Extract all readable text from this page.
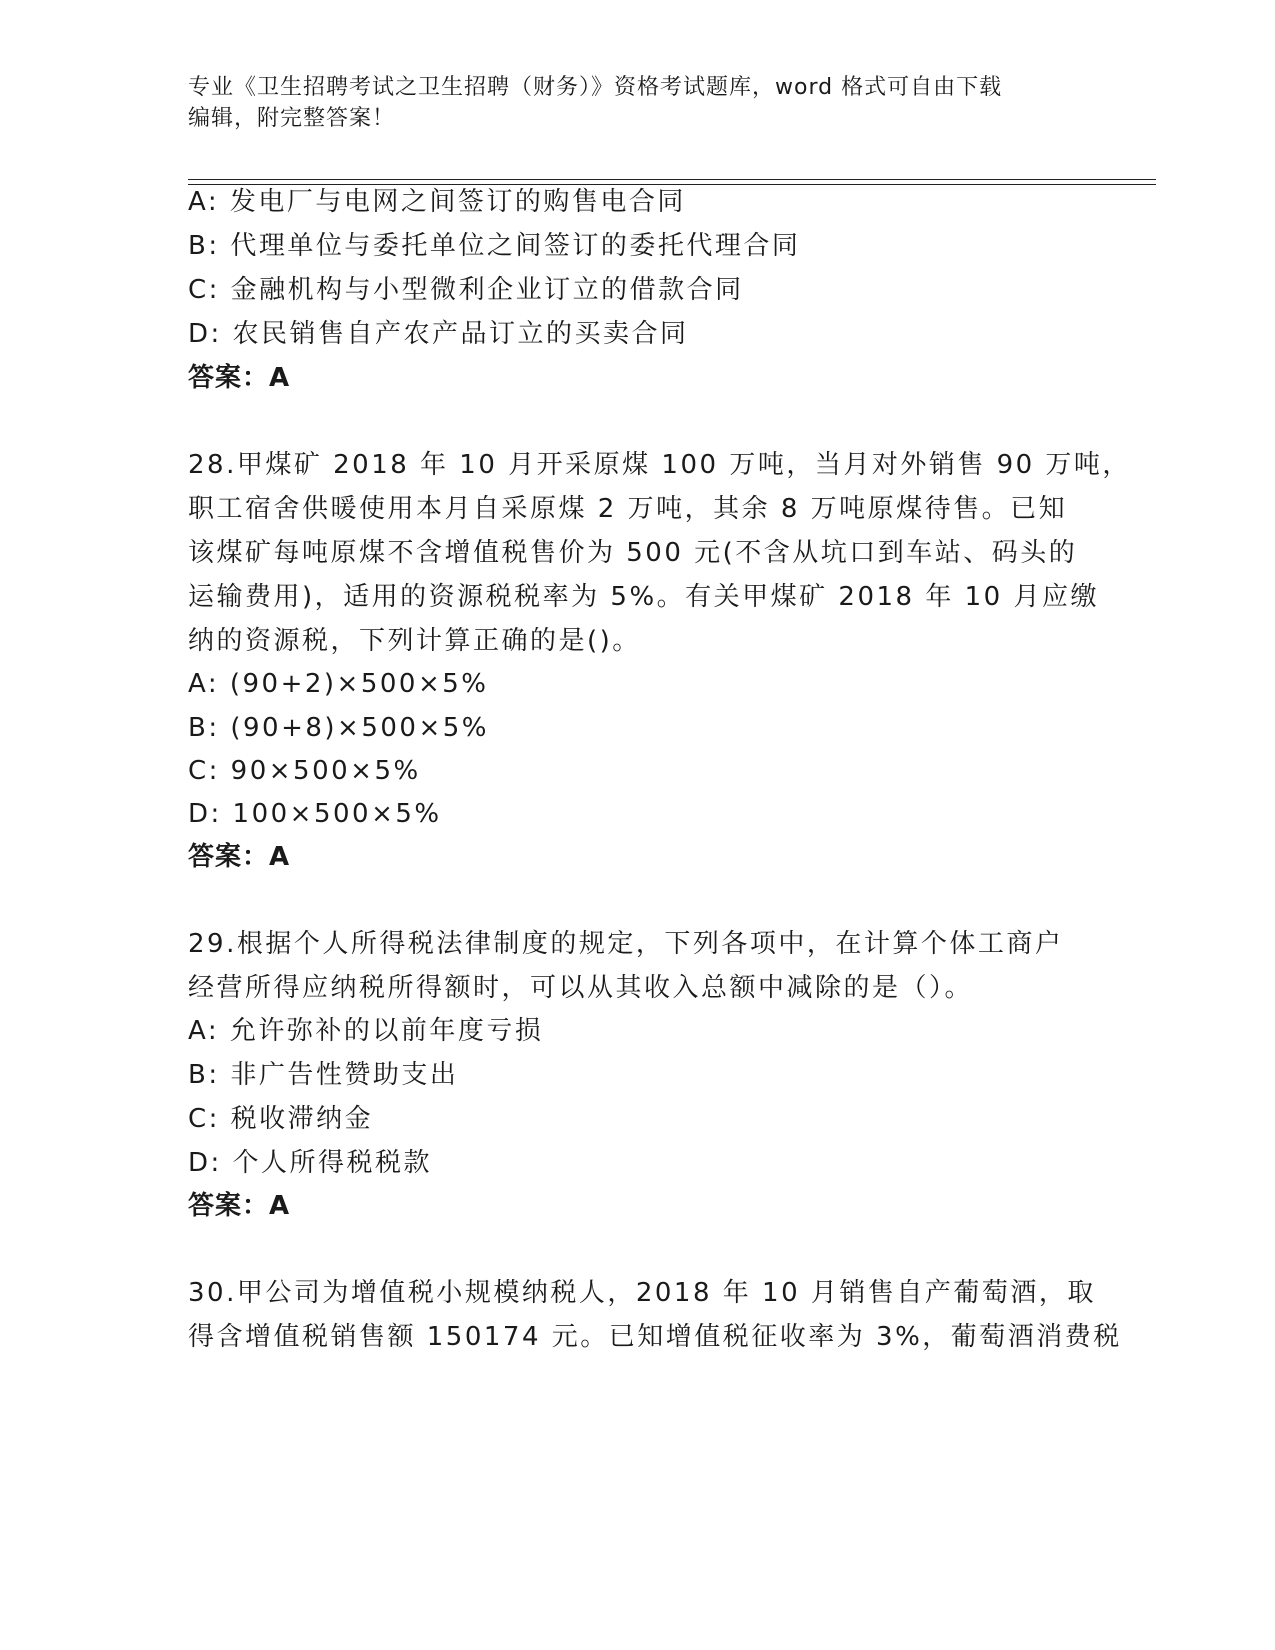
专业《卫生招聘考试之卫生招聘（财务）》资格考试题库，word 格式可自由下载
编辑，附完整答案！
A: 发电厂与电网之间签订的购售电合同
B: 代理单位与委托单位之间签订的委托代理合同
C: 金融机构与小型微利企业订立的借款合同
D: 农民销售自产农产品订立的买卖合同
答案：A
28.甲煤矿 2018 年 10 月开采原煤 100 万吨，当月对外销售 90 万吨，
职工宿舍供暖使用本月自采原煤 2 万吨，其余 8 万吨原煤待售。已知
该煤矿每吨原煤不含增值税售价为 500 元(不含从坑口到车站、码头的
运输费用)，适用的资源税税率为 5%。有关甲煤矿 2018 年 10 月应缴
纳的资源税，下列计算正确的是()。
A: (90+2)×500×5%
B: (90+8)×500×5%
C: 90×500×5%
D: 100×500×5%
答案：A
29.根据个人所得税法律制度的规定，下列各项中，在计算个体工商户
经营所得应纳税所得额时，可以从其收入总额中减除的是（）。
A: 允许弥补的以前年度亏损
B: 非广告性赞助支出
C: 税收滞纳金
D: 个人所得税税款
答案：A
30.甲公司为增值税小规模纳税人，2018 年 10 月销售自产葡萄酒，取
得含增值税销售额 150174 元。已知增值税征收率为 3%，葡萄酒消费税
